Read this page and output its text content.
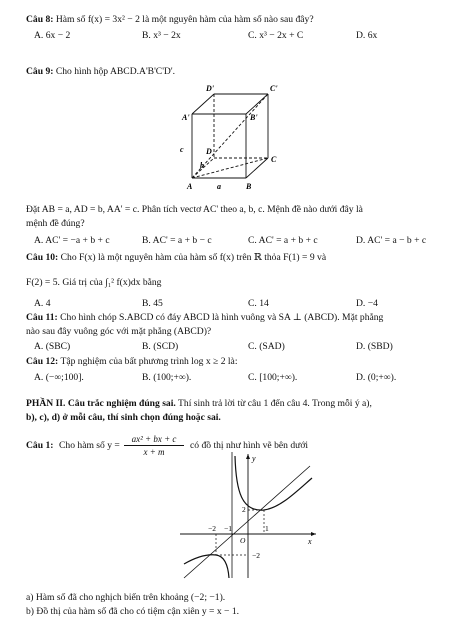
Câu 8: Hàm số f(x) = 3x² − 2 là một nguyên hàm của hàm số nào sau đây?
A. 6x − 2	B. x³ − 2x	C. x³ − 2x + C	D. 6x
Câu 9: Cho hình hộp ABCD.A'B'C'D'.
D'	C'
A'	B'
D
C
A	B
c
b
a
Đặt AB = a, AD = b, AA' = c. Phân tích vectơ AC' theo a, b, c. Mệnh đề nào dưới đây là
mệnh đề đúng?
A. AC' = −a + b + c	B. AC' = a + b − c	C. AC' = a + b + c	D. AC' = a − b + c
Câu 10: Cho F(x) là một nguyên hàm của hàm số f(x) trên ℝ thỏa F(1) = 9 và
F(2) = 5. Giá trị của ∫₁² f(x)dx bằng
A. 4	B. 45	C. 14	D. −4
Câu 11: Cho hình chóp S.ABCD có đáy ABCD là hình vuông và SA ⊥ (ABCD). Mặt phẳng
nào sau đây vuông góc với mặt phẳng (ABCD)?
A. (SBC)	B. (SCD)	C. (SAD)	D. (SBD)
Câu 12: Tập nghiệm của bất phương trình log x ≥ 2 là:
A. (−∞;100].	B. (100;+∞).	C. [100;+∞).	D. (0;+∞).
PHẦN II. Câu trắc nghiệm đúng sai. Thí sinh trả lời từ câu 1 đến câu 4. Trong mỗi ý a),
b), c), d) ở mỗi câu, thí sinh chọn đúng hoặc sai.
Câu 1: Cho hàm số y =
ax² + bx + c
x + m
có đồ thị như hình vẽ bên dưới
y
x
O
−2 −1	1
2
−2
a) Hàm số đã cho nghịch biến trên khoảng (−2; −1).
b) Đồ thị của hàm số đã cho có tiệm cận xiên y = x − 1.
